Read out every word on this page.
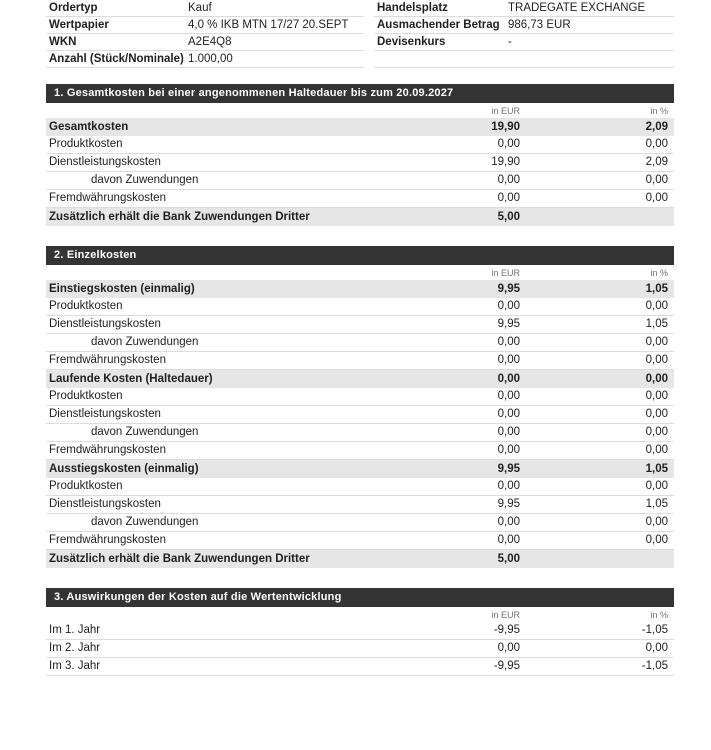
Ordertyp	Kauf
Wertpapier	4,0 % IKB MTN 17/27 20.SEPT
WKN	A2E4Q8
Anzahl (Stück/Nominale) 1.000,00
Handelsplatz	TRADEGATE EXCHANGE
Ausmachender Betrag 986,73 EUR
Devisenkurs	-
1. Gesamtkosten bei einer angenommenen Haltedauer bis zum 20.09.2027
in EUR	in %
Gesamtkosten	19,90	2,09
Produktkosten	0,00	0,00
Dienstleistungskosten	19,90	2,09
davon Zuwendungen	0,00	0,00
Fremdwährungskosten	0,00	0,00
Zusätzlich erhält die Bank Zuwendungen Dritter	5,00
2. Einzelkosten
in EUR	in %
Einstiegskosten (einmalig)	9,95	1,05
Produktkosten	0,00	0,00
Dienstleistungskosten	9,95	1,05
davon Zuwendungen	0,00	0,00
Fremdwährungskosten	0,00	0,00
Laufende Kosten (Haltedauer)	0,00	0,00
Produktkosten	0,00	0,00
Dienstleistungskosten	0,00	0,00
davon Zuwendungen	0,00	0,00
Fremdwährungskosten	0,00	0,00
Ausstiegskosten (einmalig)	9,95	1,05
Produktkosten	0,00	0,00
Dienstleistungskosten	9,95	1,05
davon Zuwendungen	0,00	0,00
Fremdwährungskosten	0,00	0,00
Zusätzlich erhält die Bank Zuwendungen Dritter	5,00
3. Auswirkungen der Kosten auf die Wertentwicklung
in EUR	in %
Im 1. Jahr	-9,95	-1,05
Im 2. Jahr	0,00	0,00
Im 3. Jahr	-9,95	-1,05
